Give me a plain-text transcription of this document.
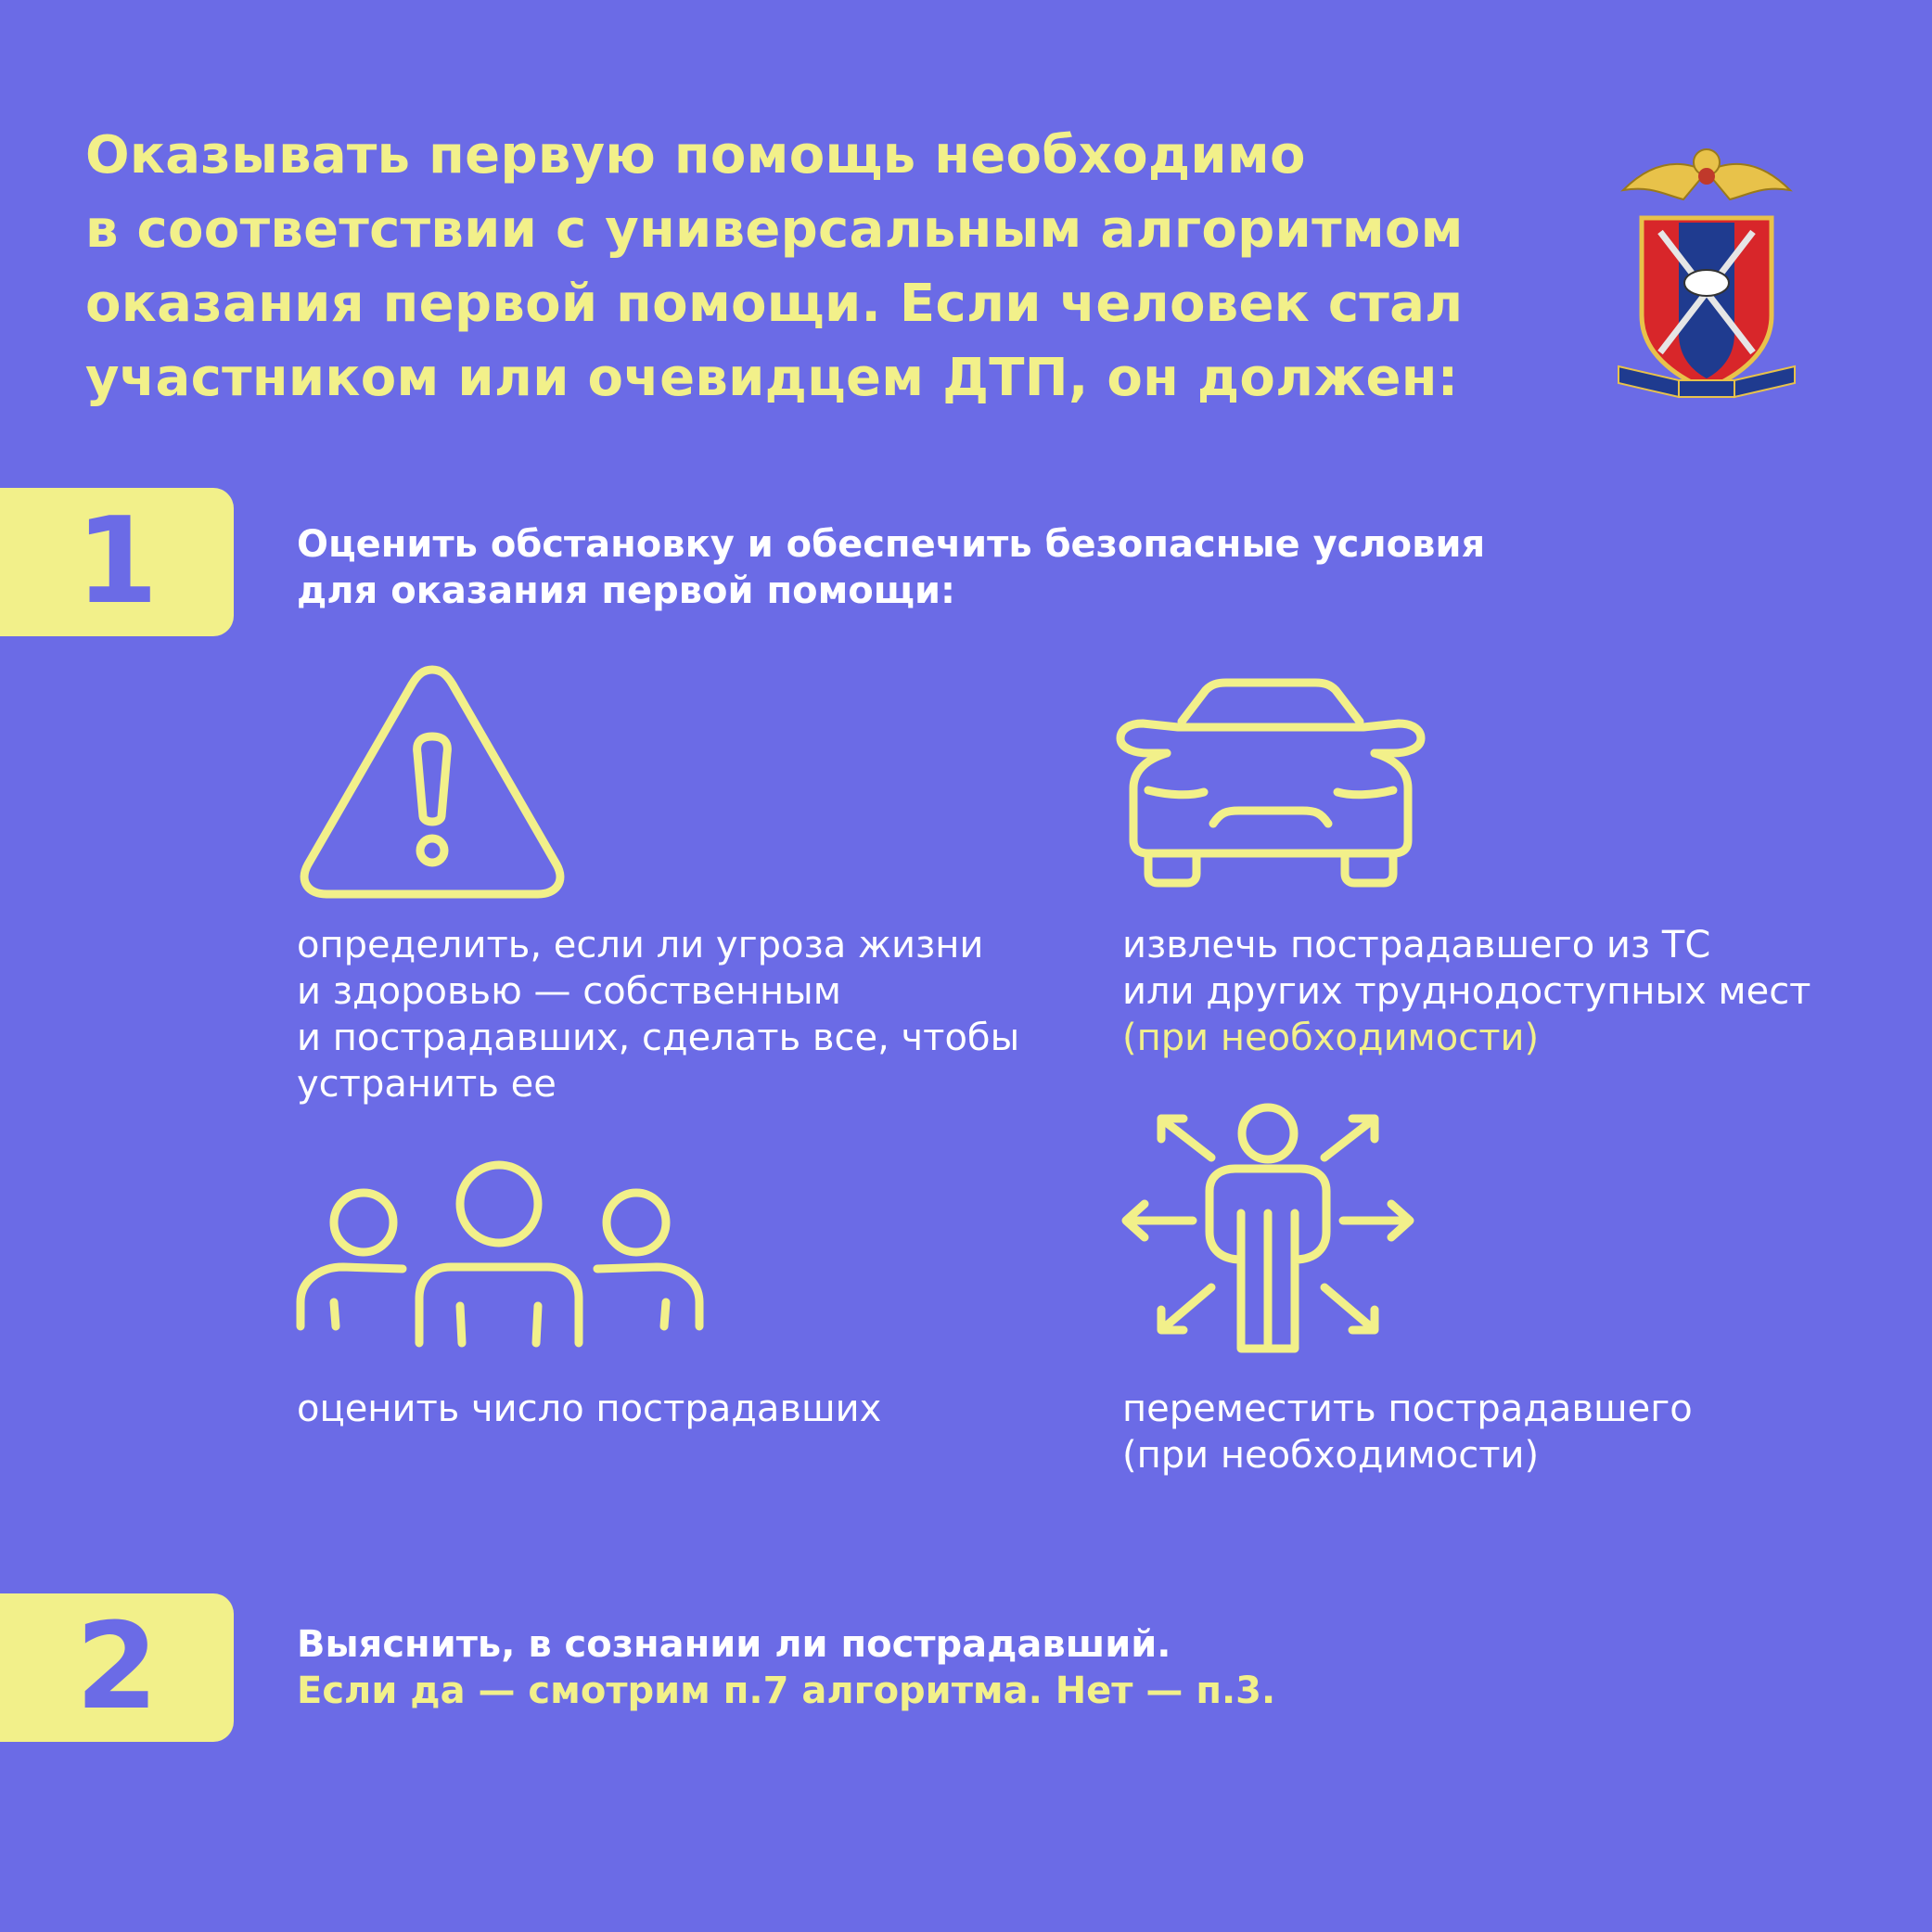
Оказывать первую помощь необходимо
в соответствии с универсальным алгоритмом
оказания первой помощи. Если человек стал
участником или очевидцем ДТП, он должен:
1	Оценить обстановку и обеспечить безопасные условия
для оказания первой помощи:
определить, если ли угроза жизни
и здоровью — собственным
и пострадавших, сделать все, чтобы
устранить ее
извлечь пострадавшего из ТС
или других труднодоступных мест
(при необходимости)
оценить число пострадавших	переместить пострадавшего
(при необходимости)
2	Выяснить, в сознании ли пострадавший.
Если да — смотрим п.7 алгоритма. Нет — п.3.
